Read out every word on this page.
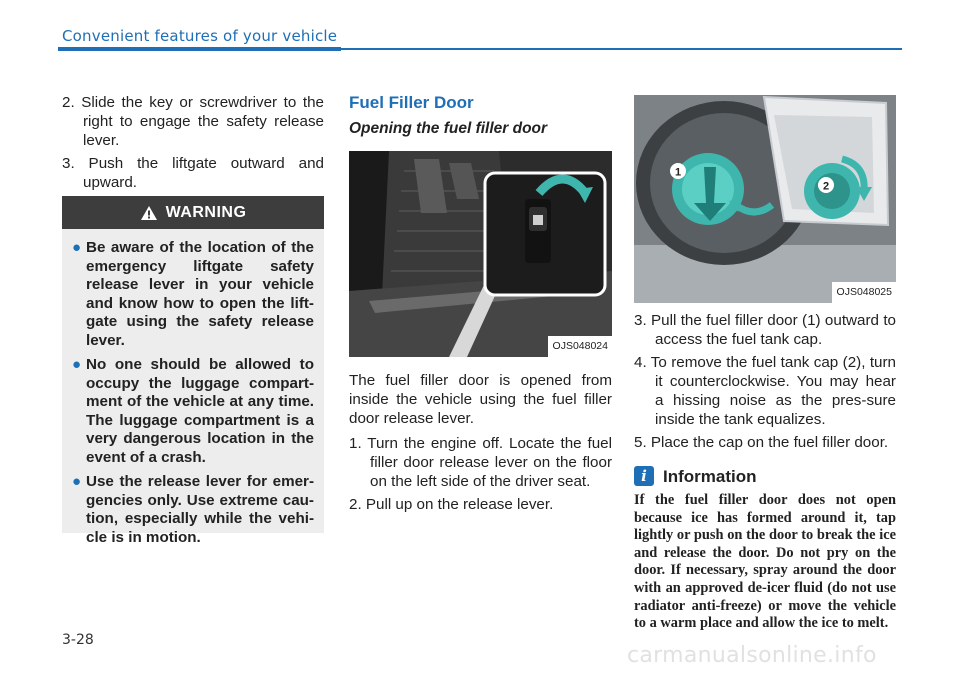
Convenient features of your vehicle

2. Slide the key or screwdriver to the right to engage the safety release lever.

3. Push the liftgate outward and upward.

WARNING
● Be aware of the location of the emergency liftgate safety release lever in your vehicle and know how to open the lift-gate using the safety release lever.
● No one should be allowed to occupy the luggage compart-ment of the vehicle at any time. The luggage compartment is a very dangerous location in the event of a crash.
● Use the release lever for emer-gencies only. Use extreme cau-tion, especially while the vehi-cle is in motion.
Fuel Filler Door
Opening the fuel filler door
OJS048024

The fuel filler door is opened from inside the vehicle using the fuel filler door release lever.

1. Turn the engine off. Locate the fuel filler door release lever on the floor on the left side of the driver seat.

2. Pull up on the release lever.

1
2
OJS048025

3. Pull the fuel filler door (1) outward to access the fuel tank cap.

4. To remove the fuel tank cap (2), turn it counterclockwise. You may hear a hissing noise as the pres-sure inside the tank equalizes.

5. Place the cap on the fuel filler door.

i Information
If the fuel filler door does not open because ice has formed around it, tap lightly or push on the door to break the ice and release the door. Do not pry on the door. If necessary, spray around the door with an approved de-icer fluid (do not use radiator anti-freeze) or move the vehicle to a warm place and allow the ice to melt.
3-28
carmanualsonline.info
